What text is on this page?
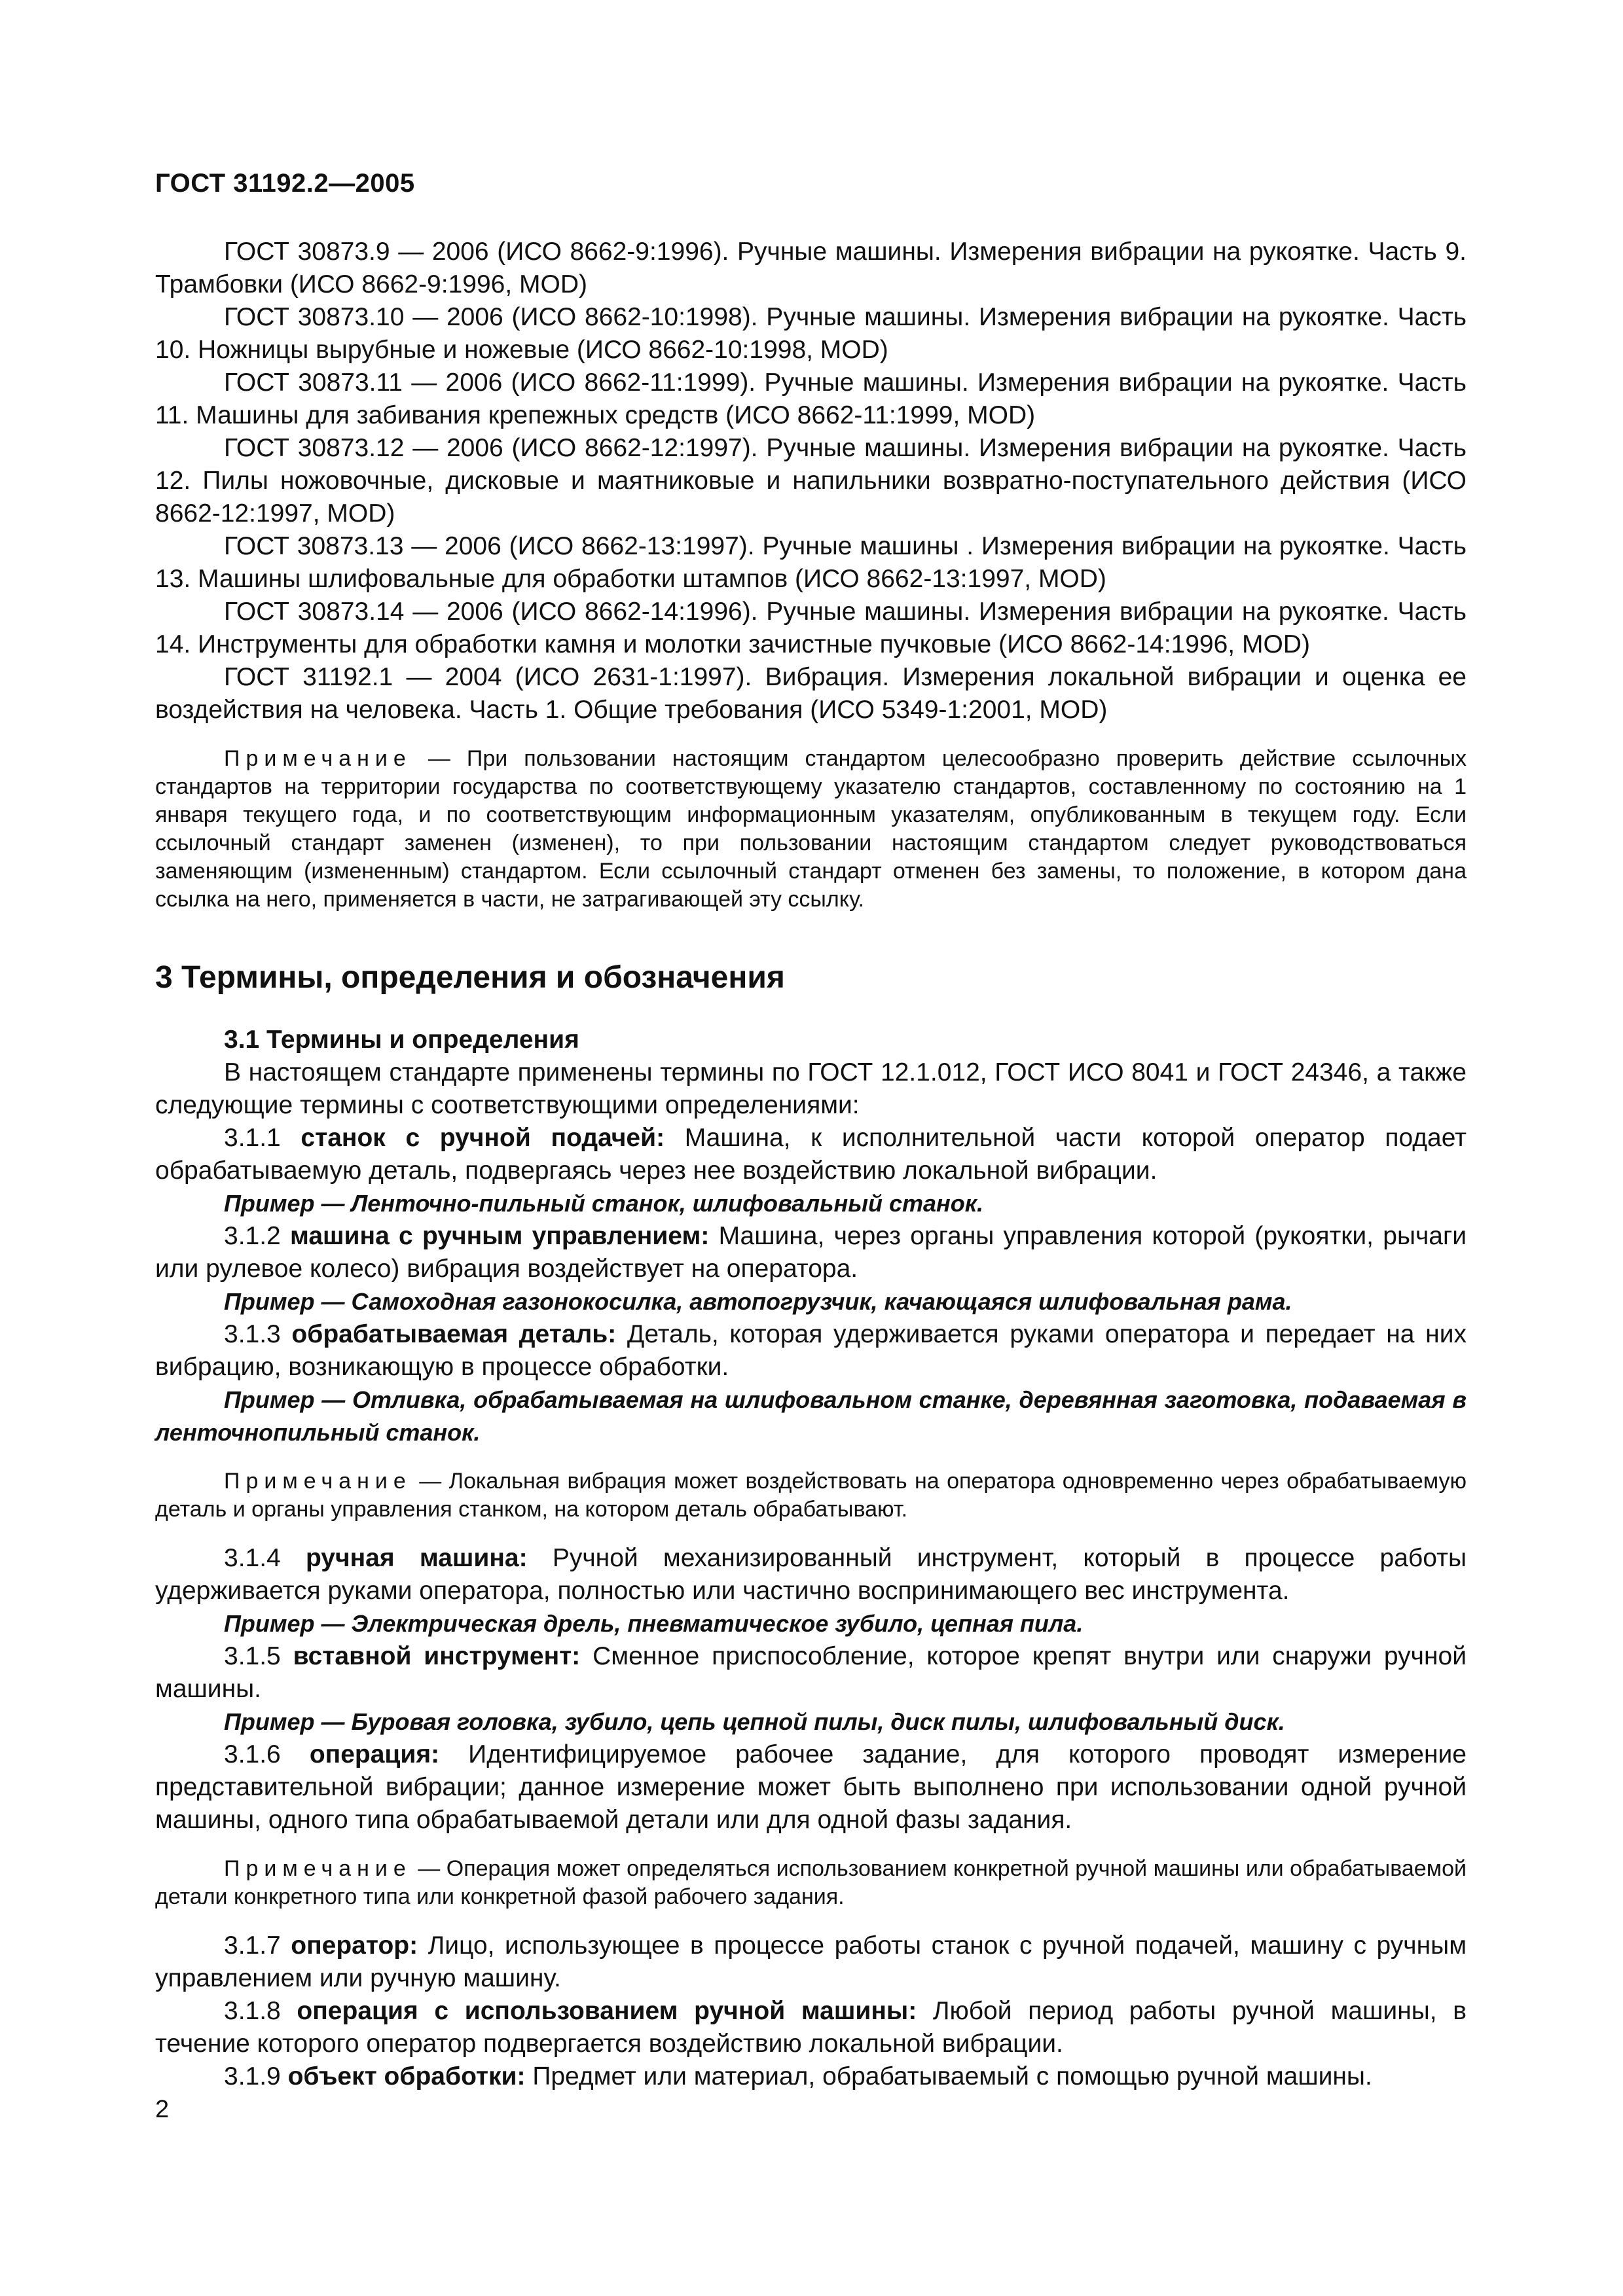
ГОСТ 31192.2—2005

ГОСТ 30873.9 — 2006 (ИСО 8662-9:1996). Ручные машины. Измерения вибрации на рукоятке. Часть 9. Трамбовки (ИСО 8662-9:1996, MOD)

ГОСТ 30873.10 — 2006 (ИСО 8662-10:1998). Ручные машины. Измерения вибрации на рукоятке. Часть 10. Ножницы вырубные и ножевые (ИСО 8662-10:1998, MOD)

ГОСТ 30873.11 — 2006 (ИСО 8662-11:1999). Ручные машины. Измерения вибрации на рукоятке. Часть 11. Машины для забивания крепежных средств (ИСО 8662-11:1999, MOD)

ГОСТ 30873.12 — 2006 (ИСО 8662-12:1997). Ручные машины. Измерения вибрации на рукоятке. Часть 12. Пилы ножовочные, дисковые и маятниковые и напильники возвратно-поступательного действия (ИСО 8662-12:1997, MOD)

ГОСТ 30873.13 — 2006 (ИСО 8662-13:1997). Ручные машины . Измерения вибрации на рукоятке. Часть 13. Машины шлифовальные для обработки штампов (ИСО 8662-13:1997, MOD)

ГОСТ 30873.14 — 2006 (ИСО 8662-14:1996). Ручные машины. Измерения вибрации на рукоятке. Часть 14. Инструменты для обработки камня и молотки зачистные пучковые (ИСО 8662-14:1996, MOD)

ГОСТ 31192.1 — 2004 (ИСО 2631-1:1997). Вибрация. Измерения локальной вибрации и оценка ее воздействия на человека. Часть 1. Общие требования (ИСО 5349-1:2001, MOD)

Примечание — При пользовании настоящим стандартом целесообразно проверить действие ссылочных стандартов на территории государства по соответствующему указателю стандартов, составленному по состоянию на 1 января текущего года, и по соответствующим информационным указателям, опубликованным в текущем году. Если ссылочный стандарт заменен (изменен), то при пользовании настоящим стандартом следует руководствоваться заменяющим (измененным) стандартом. Если ссылочный стандарт отменен без замены, то положение, в котором дана ссылка на него, применяется в части, не затрагивающей эту ссылку.

3 Термины, определения и обозначения

3.1 Термины и определения

В настоящем стандарте применены термины по ГОСТ 12.1.012, ГОСТ ИСО 8041 и ГОСТ 24346, а также следующие термины с соответствующими определениями:

3.1.1 станок с ручной подачей: Машина, к исполнительной части которой оператор подает обрабатываемую деталь, подвергаясь через нее воздействию локальной вибрации.

Пример — Ленточно-пильный станок, шлифовальный станок.

3.1.2 машина с ручным управлением: Машина, через органы управления которой (рукоятки, рычаги или рулевое колесо) вибрация воздействует на оператора.

Пример — Самоходная газонокосилка, автопогрузчик, качающаяся шлифовальная рама.

3.1.3 обрабатываемая деталь: Деталь, которая удерживается руками оператора и передает на них вибрацию, возникающую в процессе обработки.

Пример — Отливка, обрабатываемая на шлифовальном станке, деревянная заготовка, подаваемая в ленточнопильный станок.

Примечание — Локальная вибрация может воздействовать на оператора одновременно через обрабатываемую деталь и органы управления станком, на котором деталь обрабатывают.

3.1.4 ручная машина: Ручной механизированный инструмент, который в процессе работы удерживается руками оператора, полностью или частично воспринимающего вес инструмента.

Пример — Электрическая дрель, пневматическое зубило, цепная пила.

3.1.5 вставной инструмент: Сменное приспособление, которое крепят внутри или снаружи ручной машины.

Пример — Буровая головка, зубило, цепь цепной пилы, диск пилы, шлифовальный диск.

3.1.6 операция: Идентифицируемое рабочее задание, для которого проводят измерение представительной вибрации; данное измерение может быть выполнено при использовании одной ручной машины, одного типа обрабатываемой детали или для одной фазы задания.

Примечание — Операция может определяться использованием конкретной ручной машины или обрабатываемой детали конкретного типа или конкретной фазой рабочего задания.

3.1.7 оператор: Лицо, использующее в процессе работы станок с ручной подачей, машину с ручным управлением или ручную машину.

3.1.8 операция с использованием ручной машины: Любой период работы ручной машины, в течение которого оператор подвергается воздействию локальной вибрации.

3.1.9 объект обработки: Предмет или материал, обрабатываемый с помощью ручной машины.

2
